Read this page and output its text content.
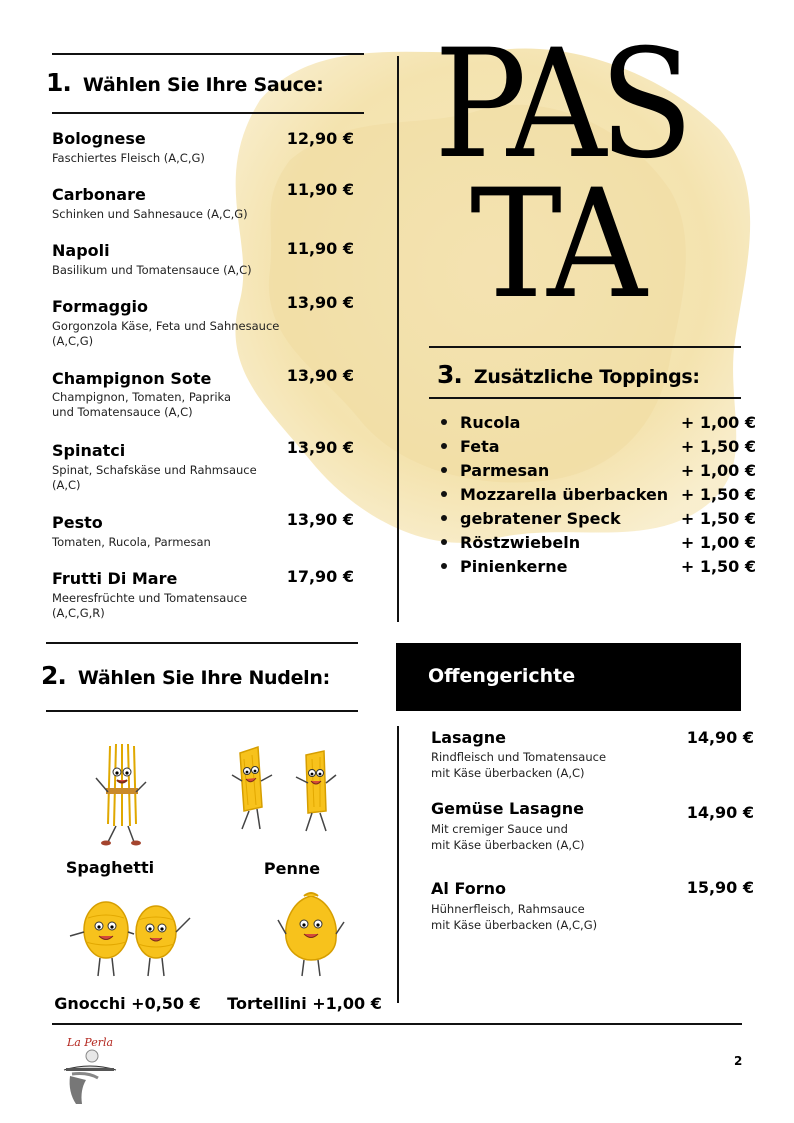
1. Wählen Sie Ihre Sauce:
Bolognese
Faschiertes Fleisch (A,C,G)
12,90 €
Carbonare
Schinken und Sahnesauce (A,C,G)
11,90 €
Napoli
Basilikum und Tomatensauce (A,C)
11,90 €
Formaggio
Gorgonzola Käse, Feta und Sahnesauce (A,C,G)
13,90 €
Champignon Sote
Champignon, Tomaten, Paprika und Tomatensauce (A,C)
13,90 €
Spinatci
Spinat, Schafskäse und Rahmsauce (A,C)
13,90 €
Pesto
Tomaten, Rucola, Parmesan
13,90 €
Frutti Di Mare
Meeresfrüchte und Tomatensauce (A,C,G,R)
17,90 €
PAS
TA
3. Zusätzliche Toppings:
Rucola	+ 1,00 €
Feta	+ 1,50 €
Parmesan	+ 1,00 €
Mozzarella überbacken + 1,50 €
gebratener Speck	+ 1,50 €
Röstzwiebeln	+ 1,00 €
Pinienkerne	+ 1,50 €
2. Wählen Sie Ihre Nudeln:
Spaghetti	Penne
Gnocchi +0,50 € Tortellini +1,00 €
Offengerichte
Lasagne
Rindfleisch und Tomatensauce
mit Käse überbacken (A,C)
14,90 €
Gemüse Lasagne
Mit cremiger Sauce und
mit Käse überbacken (A,C)
14,90 €
Al Forno
Hühnerfleisch, Rahmsauce
mit Käse überbacken (A,C,G)
15,90 €
La Perla
2
